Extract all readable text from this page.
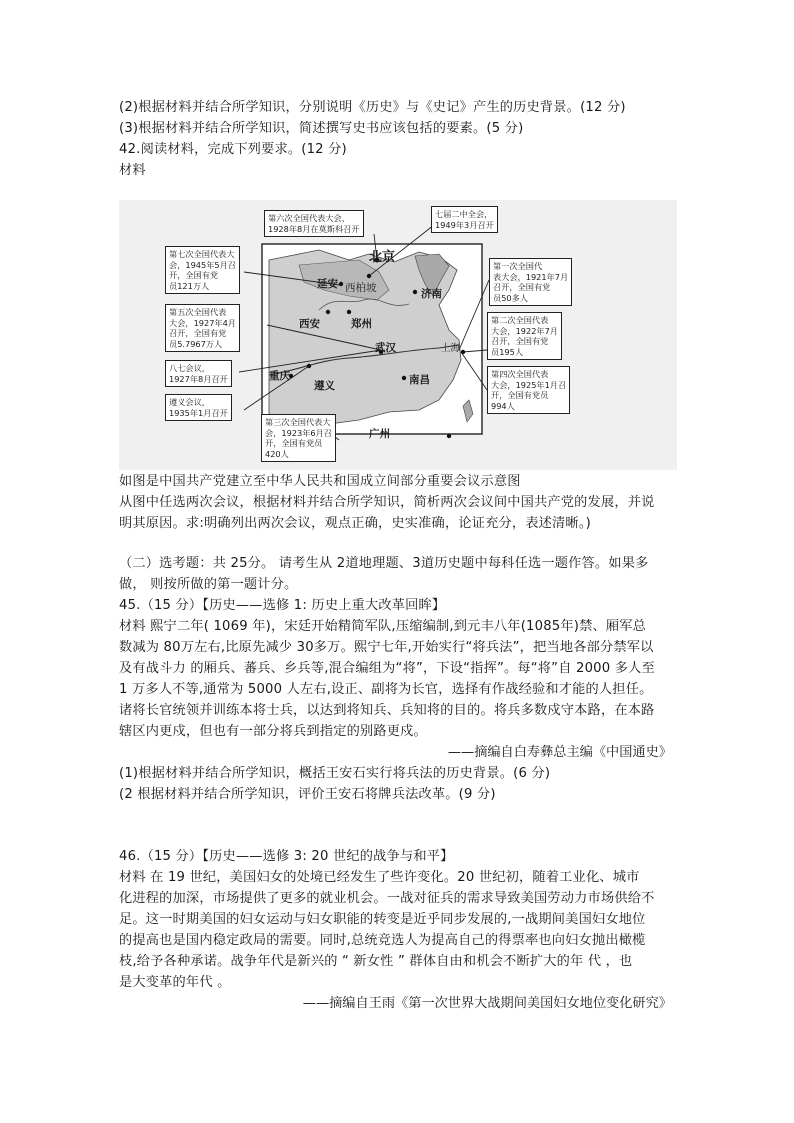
(2)根据材料并结合所学知识，分别说明《历史》与《史记》产生的历史背景。(12 分)
(3)根据材料并结合所学知识，简述撰写史书应该包括的要素。(5 分)
42.阅读材料，完成下列要求。(12 分)
材料
第六次全国代表大会，
1928年8月在莫斯科召开
七届二中全会，
1949年3月召开
第七次全国代表大
会，1945年5月召
开，全国有党
员121万人
第五次全国代表
大会，1927年4月
召开，全国有党
员5.7967万人
八七会议，
1927年8月召开
遵义会议，
1935年1月召开
第三次全国代表大
会，1923年6月召
开，全国有党员
420人
第一次全国代
表大会，1921年7月
召开，全国有党
员50多人
第二次全国代表
大会，1922年7月
召开，全国有党
员195人
第四次全国代表
大会，1925年1月召
开，全国有党员
994人
北京
延安 西柏坡	济南
西安	郑州
武汉	上海
重庆
遵义	南昌
广州
如图是中国共产党建立至中华人民共和国成立间部分重要会议示意图
从图中任选两次会议，根据材料并结合所学知识，简析两次会议间中国共产党的发展，并说
明其原因。求:明确列出两次会议，观点正确，史实准确，论证充分，表述清晰。)
（二）选考题：共 25分。 请考生从 2道地理题、3道历史题中每科任选一题作答。如果多
做， 则按所做的第一题计分。
45.（15 分）【历史——选修 1: 历史上重大改革回眸】
材料 熙宁二年( 1069 年)，宋廷开始精简军队,压缩编制,到元丰八年(1085年)禁、厢军总
数减为 80万左右,比原先减少 30多万。熙宁七年,开始实行“将兵法”，把当地各部分禁军以
及有战斗力 的厢兵、蕃兵、乡兵等,混合编组为“将”，下设“指挥”。每“将”自 2000 多人至
1 万多人不等,通常为 5000 人左右,设正、副将为长官，选择有作战经验和才能的人担任。
诸将长官统领并训练本将士兵，以达到将知兵、兵知将的目的。将兵多数戍守本路，在本路
辖区内更戍，但也有一部分将兵到指定的别路更戍。
——摘编自白寿彝总主编《中国通史》
(1)根据材料并结合所学知识，概括王安石实行将兵法的历史背景。(6 分)
(2 根据材料并结合所学知识，评价王安石将牌兵法改革。(9 分)
46.（15 分）【历史——选修 3: 20 世纪的战争与和平】
材料 在 19 世纪，美国妇女的处境已经发生了些许变化。20 世纪初，随着工业化、城市
化进程的加深，市场提供了更多的就业机会。一战对征兵的需求导致美国劳动力市场供给不
足。这一时期美国的妇女运动与妇女职能的转变是近乎同步发展的,一战期间美国妇女地位
的提高也是国内稳定政局的需要。同时,总统竞选人为提高自己的得票率也向妇女抛出橄榄
枝,给予各种承诺。战争年代是新兴的 “ 新女性 ” 群体自由和机会不断扩大的年 代 ，也
是大变革的年代 。
——摘编自王雨《第一次世界大战期间美国妇女地位变化研究》
